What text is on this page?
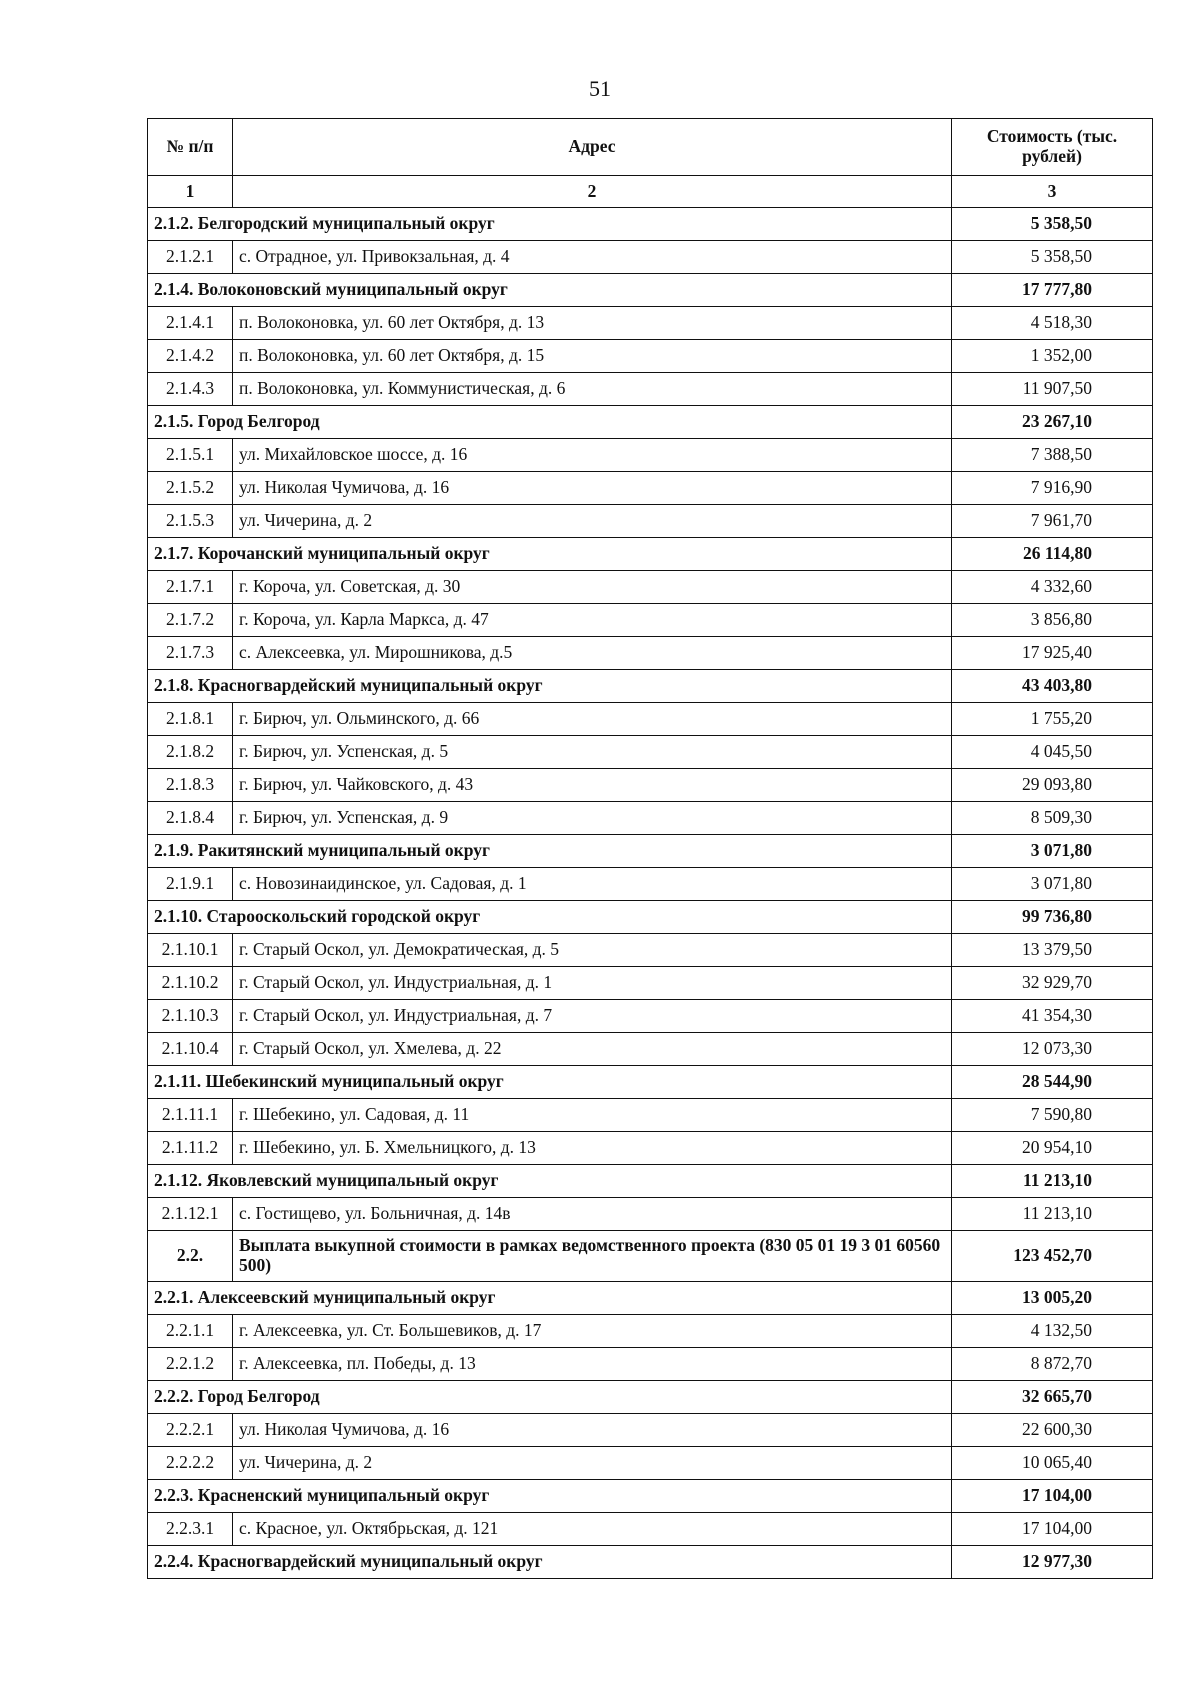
51
№ п/п	Адрес	Стоимость (тыс. рублей)
1	2	3
2.1.2. Белгородский муниципальный округ		5 358,50
2.1.2.1	с. Отрадное, ул. Привокзальная, д. 4	5 358,50
2.1.4. Волоконовский муниципальный округ		17 777,80
2.1.4.1	п. Волоконовка, ул. 60 лет Октября, д. 13	4 518,30
2.1.4.2	п. Волоконовка, ул. 60 лет Октября, д. 15	1 352,00
2.1.4.3	п. Волоконовка, ул. Коммунистическая, д. 6	11 907,50
2.1.5. Город Белгород		23 267,10
2.1.5.1	ул. Михайловское шоссе, д. 16	7 388,50
2.1.5.2	ул. Николая Чумичова, д. 16	7 916,90
2.1.5.3	ул. Чичерина, д. 2	7 961,70
2.1.7. Корочанский муниципальный округ		26 114,80
2.1.7.1	г. Короча, ул. Советская, д. 30	4 332,60
2.1.7.2	г. Короча, ул. Карла Маркса, д. 47	3 856,80
2.1.7.3	с. Алексеевка, ул. Мирошникова, д.5	17 925,40
2.1.8. Красногвардейский муниципальный округ		43 403,80
2.1.8.1	г. Бирюч, ул. Ольминского, д. 66	1 755,20
2.1.8.2	г. Бирюч, ул. Успенская, д. 5	4 045,50
2.1.8.3	г. Бирюч, ул. Чайковского, д. 43	29 093,80
2.1.8.4	г. Бирюч, ул. Успенская, д. 9	8 509,30
2.1.9. Ракитянский муниципальный округ		3 071,80
2.1.9.1	с. Новозинаидинское, ул. Садовая, д. 1	3 071,80
2.1.10. Старооскольский городской округ		99 736,80
2.1.10.1	г. Старый Оскол, ул. Демократическая, д. 5	13 379,50
2.1.10.2	г. Старый Оскол, ул. Индустриальная, д. 1	32 929,70
2.1.10.3	г. Старый Оскол, ул. Индустриальная, д. 7	41 354,30
2.1.10.4	г. Старый Оскол, ул. Хмелева, д. 22	12 073,30
2.1.11. Шебекинский муниципальный округ		28 544,90
2.1.11.1	г. Шебекино, ул. Садовая, д. 11	7 590,80
2.1.11.2	г. Шебекино, ул. Б. Хмельницкого, д. 13	20 954,10
2.1.12. Яковлевский муниципальный округ		11 213,10
2.1.12.1	с. Гостищево, ул. Больничная, д. 14в	11 213,10
2.2.	Выплата выкупной стоимости в рамках ведомственного проекта (830 05 01 19 3 01 60560 500)	123 452,70
2.2.1. Алексеевский муниципальный округ		13 005,20
2.2.1.1	г. Алексеевка, ул. Ст. Большевиков, д. 17	4 132,50
2.2.1.2	г. Алексеевка, пл. Победы, д. 13	8 872,70
2.2.2. Город Белгород		32 665,70
2.2.2.1	ул. Николая Чумичова, д. 16	22 600,30
2.2.2.2	ул. Чичерина, д. 2	10 065,40
2.2.3. Красненский муниципальный округ		17 104,00
2.2.3.1	с. Красное, ул. Октябрьская, д. 121	17 104,00
2.2.4. Красногвардейский муниципальный округ		12 977,30
